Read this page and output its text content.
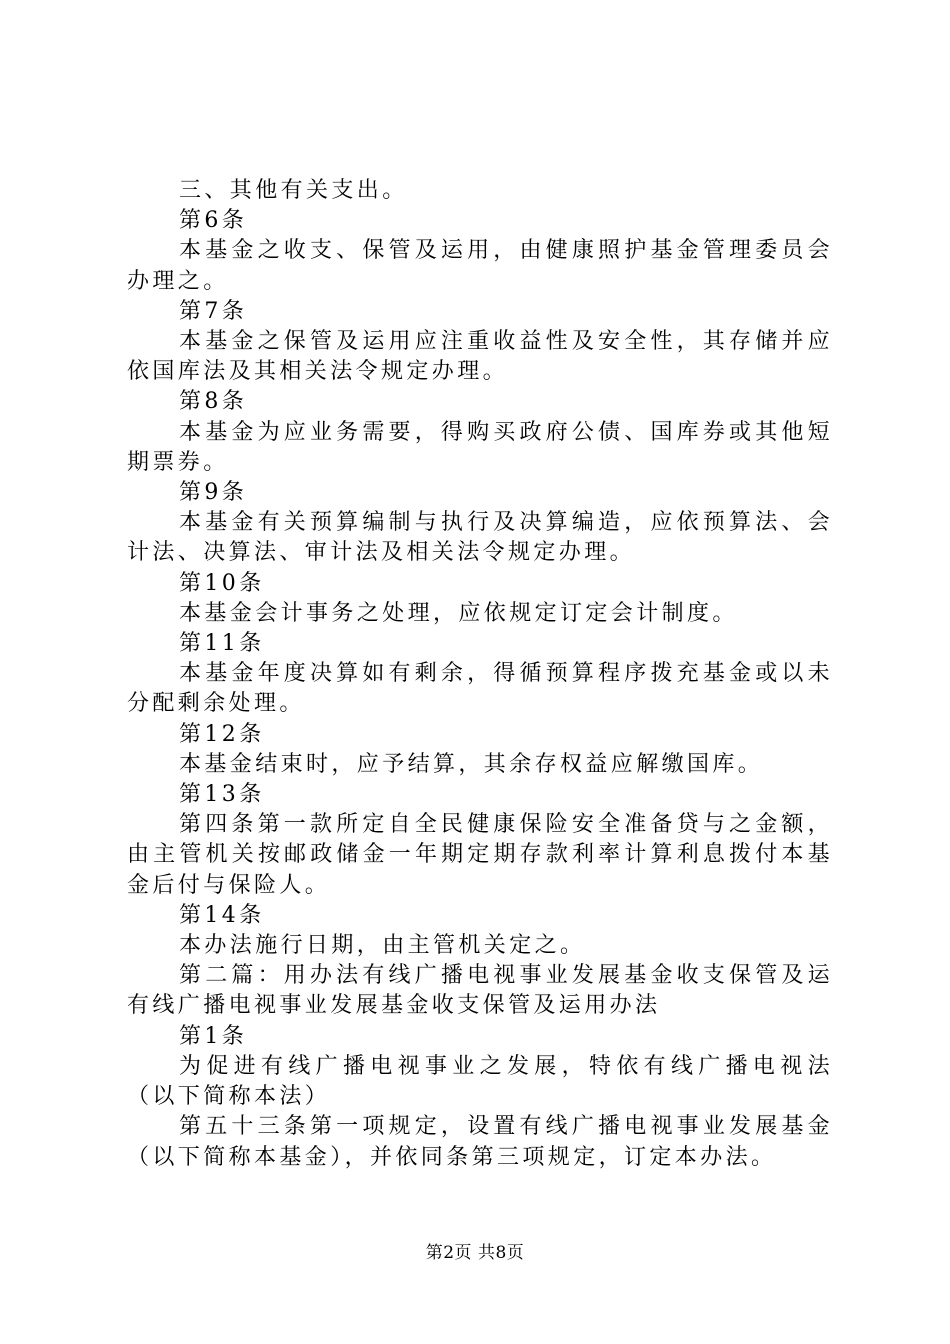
三、其他有关支出。

第6条

本基金之收支、保管及运用，由健康照护基金管理委员会办理之。

第7条

本基金之保管及运用应注重收益性及安全性，其存储并应依国库法及其相关法令规定办理。

第8条

本基金为应业务需要，得购买政府公债、国库券或其他短期票券。

第9条

本基金有关预算编制与执行及决算编造，应依预算法、会计法、决算法、审计法及相关法令规定办理。

第10条

本基金会计事务之处理，应依规定订定会计制度。

第11条

本基金年度决算如有剩余，得循预算程序拨充基金或以未分配剩余处理。

第12条

本基金结束时，应予结算，其余存权益应解缴国库。

第13条

第四条第一款所定自全民健康保险安全准备贷与之金额，由主管机关按邮政储金一年期定期存款利率计算利息拨付本基金后付与保险人。

第14条

本办法施行日期，由主管机关定之。

第二篇：用办法有线广播电视事业发展基金收支保管及运有线广播电视事业发展基金收支保管及运用办法

第1条

为促进有线广播电视事业之发展，特依有线广播电视法（以下简称本法）

第五十三条第一项规定，设置有线广播电视事业发展基金（以下简称本基金），并依同条第三项规定，订定本办法。

第2页 共8页
